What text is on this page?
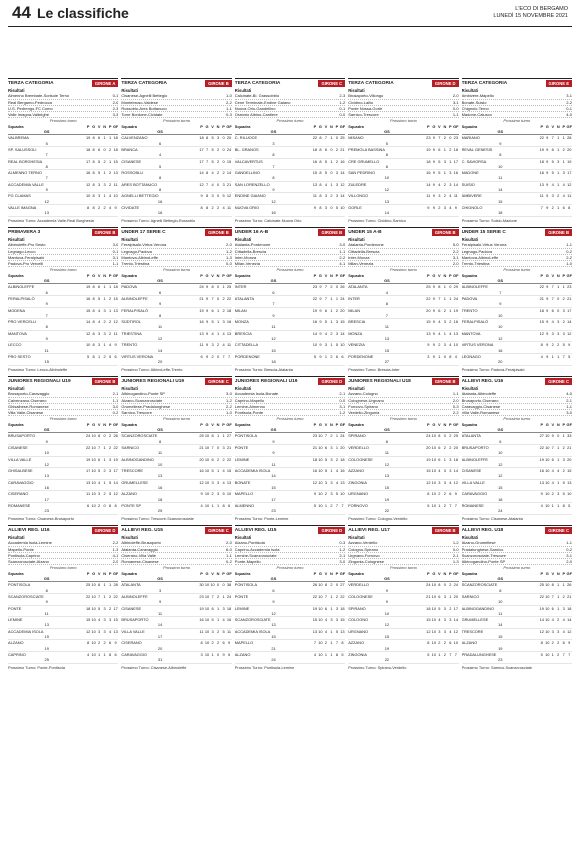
44 Le classifiche	L'ECO DI BERGAMO
LUNEDÌ 15 NOVEMBRE 2021
TERZA CATEGORIA	GIRONE A
Risultati
Almenno Brembate-Sorisole Terno	0-1
Real Bergamo-Pedrocca	2-0
U.S. Pedrengo-FC Como	2-3
Valle Imagna-Valbrighe	3-3
Prossimo turno
Squadra	P G V N P GF
GS
VALBREMA	19 8 6 1 1 18
5
SP. SALUSSOLI	18 8 6 0 2 18
7
REAL BORGHESIA	17 8 5 2 1 15
8
ALMENNO TERNO	16 8 5 1 2 13
7
ACCADEMIA VALLE	12 8 3 3 2 11
9
PG CLAMAS	10 8 3 1 4 10
12
VALLE IMAGNA	8 8 2 2 4 9
13
Prossimo Turno: Accademia Valle-Real Borghesia
TERZA CATEGORIA	GIRONE B
Risultati
Cisanese-Agnelli Bettegio	1-0
Montebruso-Valdese	2-2
Rossoblu-Ares Bottanuco	1-1
Torre Bordone-Cividate	0-3
Prossimo turno
Squadra	P G V N P GF
GS
CALVENZANO	18 8 5 3 0 20
6
BRANCA	17 7 5 2 0 24
4
CISANESE	17 7 5 2 0 15
5
ROSSOBLU	14 8 4 2 2 14
8
ARES BOTTANUCO	12 7 4 0 3 21
8
AGNELLI BETTEGIO	9 8 3 0 5 12
16
CIVIDATE	8 8 2 2 4 11
16
Prossimo Turno: Agnelli Bettegio-Rossoblu
TERZA CATEGORIA	GIRONE C
Risultati
Calcinate-Bl. Grassobbio	2-3
Cene Terminale-Endine Gaiano	1-2
Nuova Orio-Gandellino	0-1
Oratorio Albino-Cantiere	0-0
Prossimo turno
Squadra	P G V N P GF
GS
C. RILUOCE	22 8 7 1 0 25
3
BL. GRANOS	18 8 6 0 2 21
8
VALCAVERTUS	16 8 5 1 2 16
7
GANDELLINO	15 8 5 0 3 14
8
SAN LORENZELLO	13 8 4 1 3 12
9
ENDINE GAIANO	11 8 3 2 3 14
12
NUOVA ORIO	9 8 3 0 5 10
16
Prossimo Turno: Calcinate-Nuova Orio
TERZA CATEGORIA	GIRONE D
Risultati
Brusaporto-Villongo	2-0
Cividino-Lallio	3-1
Ponte Nossa-Gorle	0-0
Sarnico-Trescore	1-1
Prossimo turno
Squadra	P G V N P GF
GS
MISANO	23 9 7 2 0 23
5
PREMOLA BASSINA	19 9 6 1 2 18
8
CRE GRUMELLO	18 9 5 3 1 17
8
SAN PEDRINO	16 9 5 1 3 16
10
ZULEDRE	14 9 4 2 3 14
12
VILLONGO	11 9 3 2 4 11
13
GORLE	9 9 2 3 4 9
14
Prossimo Turno: Cividino-Sarnico
TERZA CATEGORIA	GIRONE E
Risultati
Ambivere-Mapello	3-1
Bonate-Suisio	2-2
Chignolo-Terno	0-1
Madone-Calusco	4-0
Prossimo turno
Squadra	P G V N P GF
GS
MARIANO	22 9 7 1 1 28
9
REVAL GENESIS	19 9 6 1 2 20
8
C. SAVIORSA	18 9 5 3 1 19
10
MADONE	16 9 5 1 3 17
11
SUISIO	13 9 4 1 4 12
14
AMBIVERE	11 9 3 2 4 11
15
CHIGNOLO	7 9 2 1 6 8
18
Prossimo Turno: Suisio-Madone
PRIMAVERA 3	GIRONE B
Risultati
Albinoleffe-Pro Sesto	3-0
Legnago-Lecco	0-1
Mantova-Feralpisalò	3-1
Padova-Pro Vercelli	1-1
Prossimo turno
Squadra	P G V N P GF
GS
ALBINOLEFFE	19 8 6 1 1 18
6
FERALPISALÒ	16 8 5 1 2 15
9
MODENA	15 8 4 3 1 13
7
PRO VERCELLI	14 8 4 2 2 12
8
MANTOVA	12 8 3 3 2 11
9
LECCO	10 8 3 1 4 9
11
PRO SESTO	5 8 1 2 5 6
15
Prossimo Turno: Lecco-Albinoleffe
UNDER 17 SERIE C	GIRONE B
Risultati
Feralpisalò-Virtus Verona	2-0
Legnago-Padova	1-2
Mantova-AlbinoLeffe	1-3
Trento-Triestina	0-0
Prossimo turno
Squadra	P G V N P GF
GS
PADOVA	24 9 8 0 1 25
6
ALBINOLEFFE	21 9 7 0 2 22
9
FERALPISALÒ	19 9 6 1 2 18
8
SÜDTIROL	16 9 5 1 3 16
11
TRIESTINA	13 9 4 1 4 13
12
TRENTO	11 9 3 2 4 11
14
VIRTUS VERONA	6 9 2 0 7 7
20
Prossimo Turno: AlbinoLeffe-Trento
UNDER 16 A-B	GIRONE B
Risultati
Atalanta-Pordenone	3-0
Cittadella-Brescia	1-1
Inter-Monza	2-2
Milan-Venezia	4-1
Prossimo turno
Squadra	P G V N P GF
GS
INTER	23 9 7 2 0 26
6
ATALANTA	22 9 7 1 1 24
7
MILAN	19 9 6 1 2 20
9
MONZA	16 9 5 1 3 15
11
BRESCIA	14 9 4 2 3 14
12
CITTADELLA	10 9 3 1 5 10
15
PORDENONE	5 9 1 2 6 6
18
Prossimo Turno: Brescia-Atalanta
UNDER 15 A-B	GIRONE B
Risultati
Atalanta-Pordenone	5-0
Cittadella-Brescia	2-2
Inter-Monza	3-1
Milan-Venezia	2-0
Prossimo turno
Squadra	P G V N P GF
GS
ATALANTA	25 9 8 1 0 29
4
INTER	22 9 7 1 1 24
8
MILAN	20 9 6 2 1 19
7
BRESCIA	15 9 4 3 2 16
11
MONZA	13 9 4 1 4 13
13
VENEZIA	9 9 2 3 4 10
15
PORDENONE	3 9 1 0 8 4
27
Prossimo Turno: Brescia-Inter
UNDER 15 SERIE C	GIRONE B
Risultati
Feralpisalò-Virtus Verona	1-1
Legnago-Padova	0-2
Mantova-AlbinoLeffe	2-2
Trento-Triestina	1-0
Prossimo turno
Squadra	P G V N P GF
GS
ALBINOLEFFE	22 9 7 1 1 23
7
PADOVA	21 9 7 0 2 21
9
TRENTO	18 9 6 0 3 17
10
FERALPISALÒ	15 9 4 3 2 14
10
MANTOVA	12 9 3 3 3 12
12
VIRTUS VERONA	8 9 2 2 5 9
16
LEGNAGO	4 9 1 1 7 5
20
Prossimo Turno: Padova-Feralpisalò
JUNIORES REGIONALI U19	GIRONE B
Risultati
Brusaporto-Caravaggio	2-1
Calvenzano-Ciserano	1-1
Ghisalbese-Romanese	3-0
Villa Valle-Cisanese	0-2
Prossimo turno
Squadra	P G V N P GF
GS
BRUSAPORTO	24 10 8 0 2 26
9
CISANESE	22 10 7 1 2 22
10
VILLA VALLE	19 10 6 1 3 19
12
GHISALBESE	17 10 5 2 3 17
13
CARAVAGGIO	13 10 4 1 5 14
16
CISERANO	11 10 3 2 5 12
17
ROMANESE	6 10 2 0 8 8
23
Prossimo Turno: Cisanese-Brusaporto
JUNIORES REGIONALI U19	GIRONE C
Risultati
Albinogandino-Ponte SP	3-0
Alzano-Scanzorosciate	1-2
Grumellese-Pradalunghese	2-2
Sarnico-Trescore	1-0
Prossimo turno
Squadra	P G V N P GF
GS
SCANZOROSCIATE	25 10 8 1 1 27
8
SARNICO	21 10 7 0 3 21
11
ALBINOGANDINO	20 10 6 2 2 22
10
TRESCORE	16 10 5 1 4 15
13
GRUMELLESE	12 10 3 3 4 13
16
ALZANO	9 10 2 3 5 10
18
PONTE SP	4 10 1 1 8 6
25
Prossimo Turno: Trescore-Scanzorosciate
JUNIORES REGIONALI U19	GIRONE D
Risultati
Accademia Isola-Bonate	2-1
Caprino-Mapello	0-0
Lemine-Almenno	3-1
Pontisola-Ponte	1-2
Prossimo turno
Squadra	P G V N P GF
GS
PONTISOLA	23 10 7 2 1 24
9
PONTE	21 10 6 3 1 20
9
LEMINE	18 10 5 3 2 18
11
ACCADEMIA ISOLA	16 10 5 1 4 16
14
BONATE	12 10 3 3 4 13
15
MAPELLO	9 10 2 3 5 10
17
ALMENNO	5 10 1 2 7 7
23
Prossimo Turno: Ponte-Lemine
JUNIORES REGIONALI U18	GIRONE B
Risultati
Azzano-Cologno	1-1
Colognese-Urgnano	2-0
Fornovo-Spirano	0-3
Verdello-Zingonia	2-2
Prossimo turno
Squadra	P G V N P GF
GS
SPIRANO	24 10 8 0 2 25
8
VERDELLO	20 10 6 2 2 20
11
COLOGNESE	19 10 6 1 3 18
12
AZZANO	15 10 4 3 3 14
13
ZINGONIA	12 10 3 3 4 12
15
URGNANO	8 10 2 2 6 9
19
FORNOVO	5 10 1 2 7 7
22
Prossimo Turno: Cologno-Verdello
ALLIEVI REG. U16	GIRONE C
Risultati
Atalanta-Albinoleffe	4-0
Brusaporto-Ciserano	2-1
Caravaggio-Cisanese	1-1
Villa Valle-Romanese	3-0
Prossimo turno
Squadra	P G V N P GF
GS
ATALANTA	27 10 9 0 1 33
6
BRUSAPORTO	22 10 7 1 2 21
10
ALBINOLEFFE	19 10 6 1 3 20
12
CISANESE	16 10 4 4 2 15
12
VILLA VALLE	13 10 4 1 5 13
15
CARAVAGGIO	9 10 2 3 5 10
18
ROMANESE	4 10 1 1 8 5
24
Prossimo Turno: Cisanese-Atalanta
ALLIEVI REG. U16	GIRONE D
Risultati
Accademia Isola-Lemine	2-2
Mapello-Ponte	1-3
Pontisola-Caprino	4-1
Scanzorosciate-Alzano	2-0
Prossimo turno
Squadra	P G V N P GF
GS
PONTISOLA	25 10 8 1 1 28
8
SCANZOROSCIATE	22 10 7 1 2 22
9
PONTE	18 10 5 3 2 17
11
LEMINE	15 10 4 3 3 15
13
ACCADEMIA ISOLA	12 10 3 3 4 13
15
ALZANO	8 10 2 2 6 9
19
CAPRINO	4 10 1 1 8 6
25
Prossimo Turno: Ponte-Pontisola
ALLIEVI REG. U15	GIRONE C
Risultati
Albinoleffe-Brusaporto	2-0
Atalanta-Caravaggio	6-0
Ciserano-Villa Valle	1-1
Romanese-Cisanese	0-2
Prossimo turno
Squadra	P G V N P GF
GS
ATALANTA	30 10 10 0 0 38
3
ALBINOLEFFE	23 10 7 2 1 24
9
CISANESE	19 10 6 1 3 18
11
BRUSAPORTO	16 10 5 1 4 16
14
VILLA VALLE	11 10 3 2 5 11
17
CISERANO	8 10 2 2 6 9
20
CARAVAGGIO	3 10 1 0 9 5
31
Prossimo Turno: Cisanese-Albinoleffe
ALLIEVI REG. U15	GIRONE D
Risultati
Alzano-Pontisola	0-3
Caprino-Accademia Isola	1-2
Lemine-Scanzorosciate	2-1
Ponte-Mapello	3-0
Prossimo turno
Squadra	P G V N P GF
GS
PONTISOLA	26 10 8 2 0 27
6
PONTE	22 10 7 1 2 22
9
LEMINE	19 10 6 1 3 18
12
SCANZOROSCIATE	15 10 4 3 3 15
13
ACCADEMIA ISOLA	13 10 4 1 5 13
15
MAPELLO	7 10 2 1 7 8
21
ALZANO	4 10 1 1 8 5
24
Prossimo Turno: Pontisola-Lemine
ALLIEVI REG. U17	GIRONE B
Risultati
Azzano-Verdello	1-2
Cologno-Spirano	0-0
Urgnano-Fornovo	2-1
Zingonia-Colognese	1-3
Prossimo turno
Squadra	P G V N P GF
GS
VERDELLO	24 10 8 0 2 24
9
COLOGNESE	21 10 6 3 1 20
9
SPIRANO	18 10 5 3 2 17
10
COLOGNO	15 10 4 3 3 14
12
URGNANO	12 10 3 3 4 12
15
AZZANO	8 10 2 2 6 10
19
ZINGONIA	5 10 1 2 7 7
22
Prossimo Turno: Spirano-Verdello
ALLIEVI REG. U18	GIRONE C
Risultati
Alzano-Grumellese	1-1
Pradalunghese-Sarnico	0-2
Scanzorosciate-Trescore	3-1
Albinogandino-Ponte SP	2-0
Prossimo turno
Squadra	P G V N P GF
GS
SCANZOROSCIATE	25 10 8 1 1 26
8
SARNICO	22 10 7 1 2 21
10
ALBINOGANDINO	19 10 6 1 3 18
11
GRUMELLESE	14 10 4 2 4 14
14
TRESCORE	12 10 3 3 4 12
15
ALZANO	8 10 2 2 6 9
19
PRADALUNGHESE	5 10 1 2 7 7
23
Prossimo Turno: Sarnico-Scanzorosciate
